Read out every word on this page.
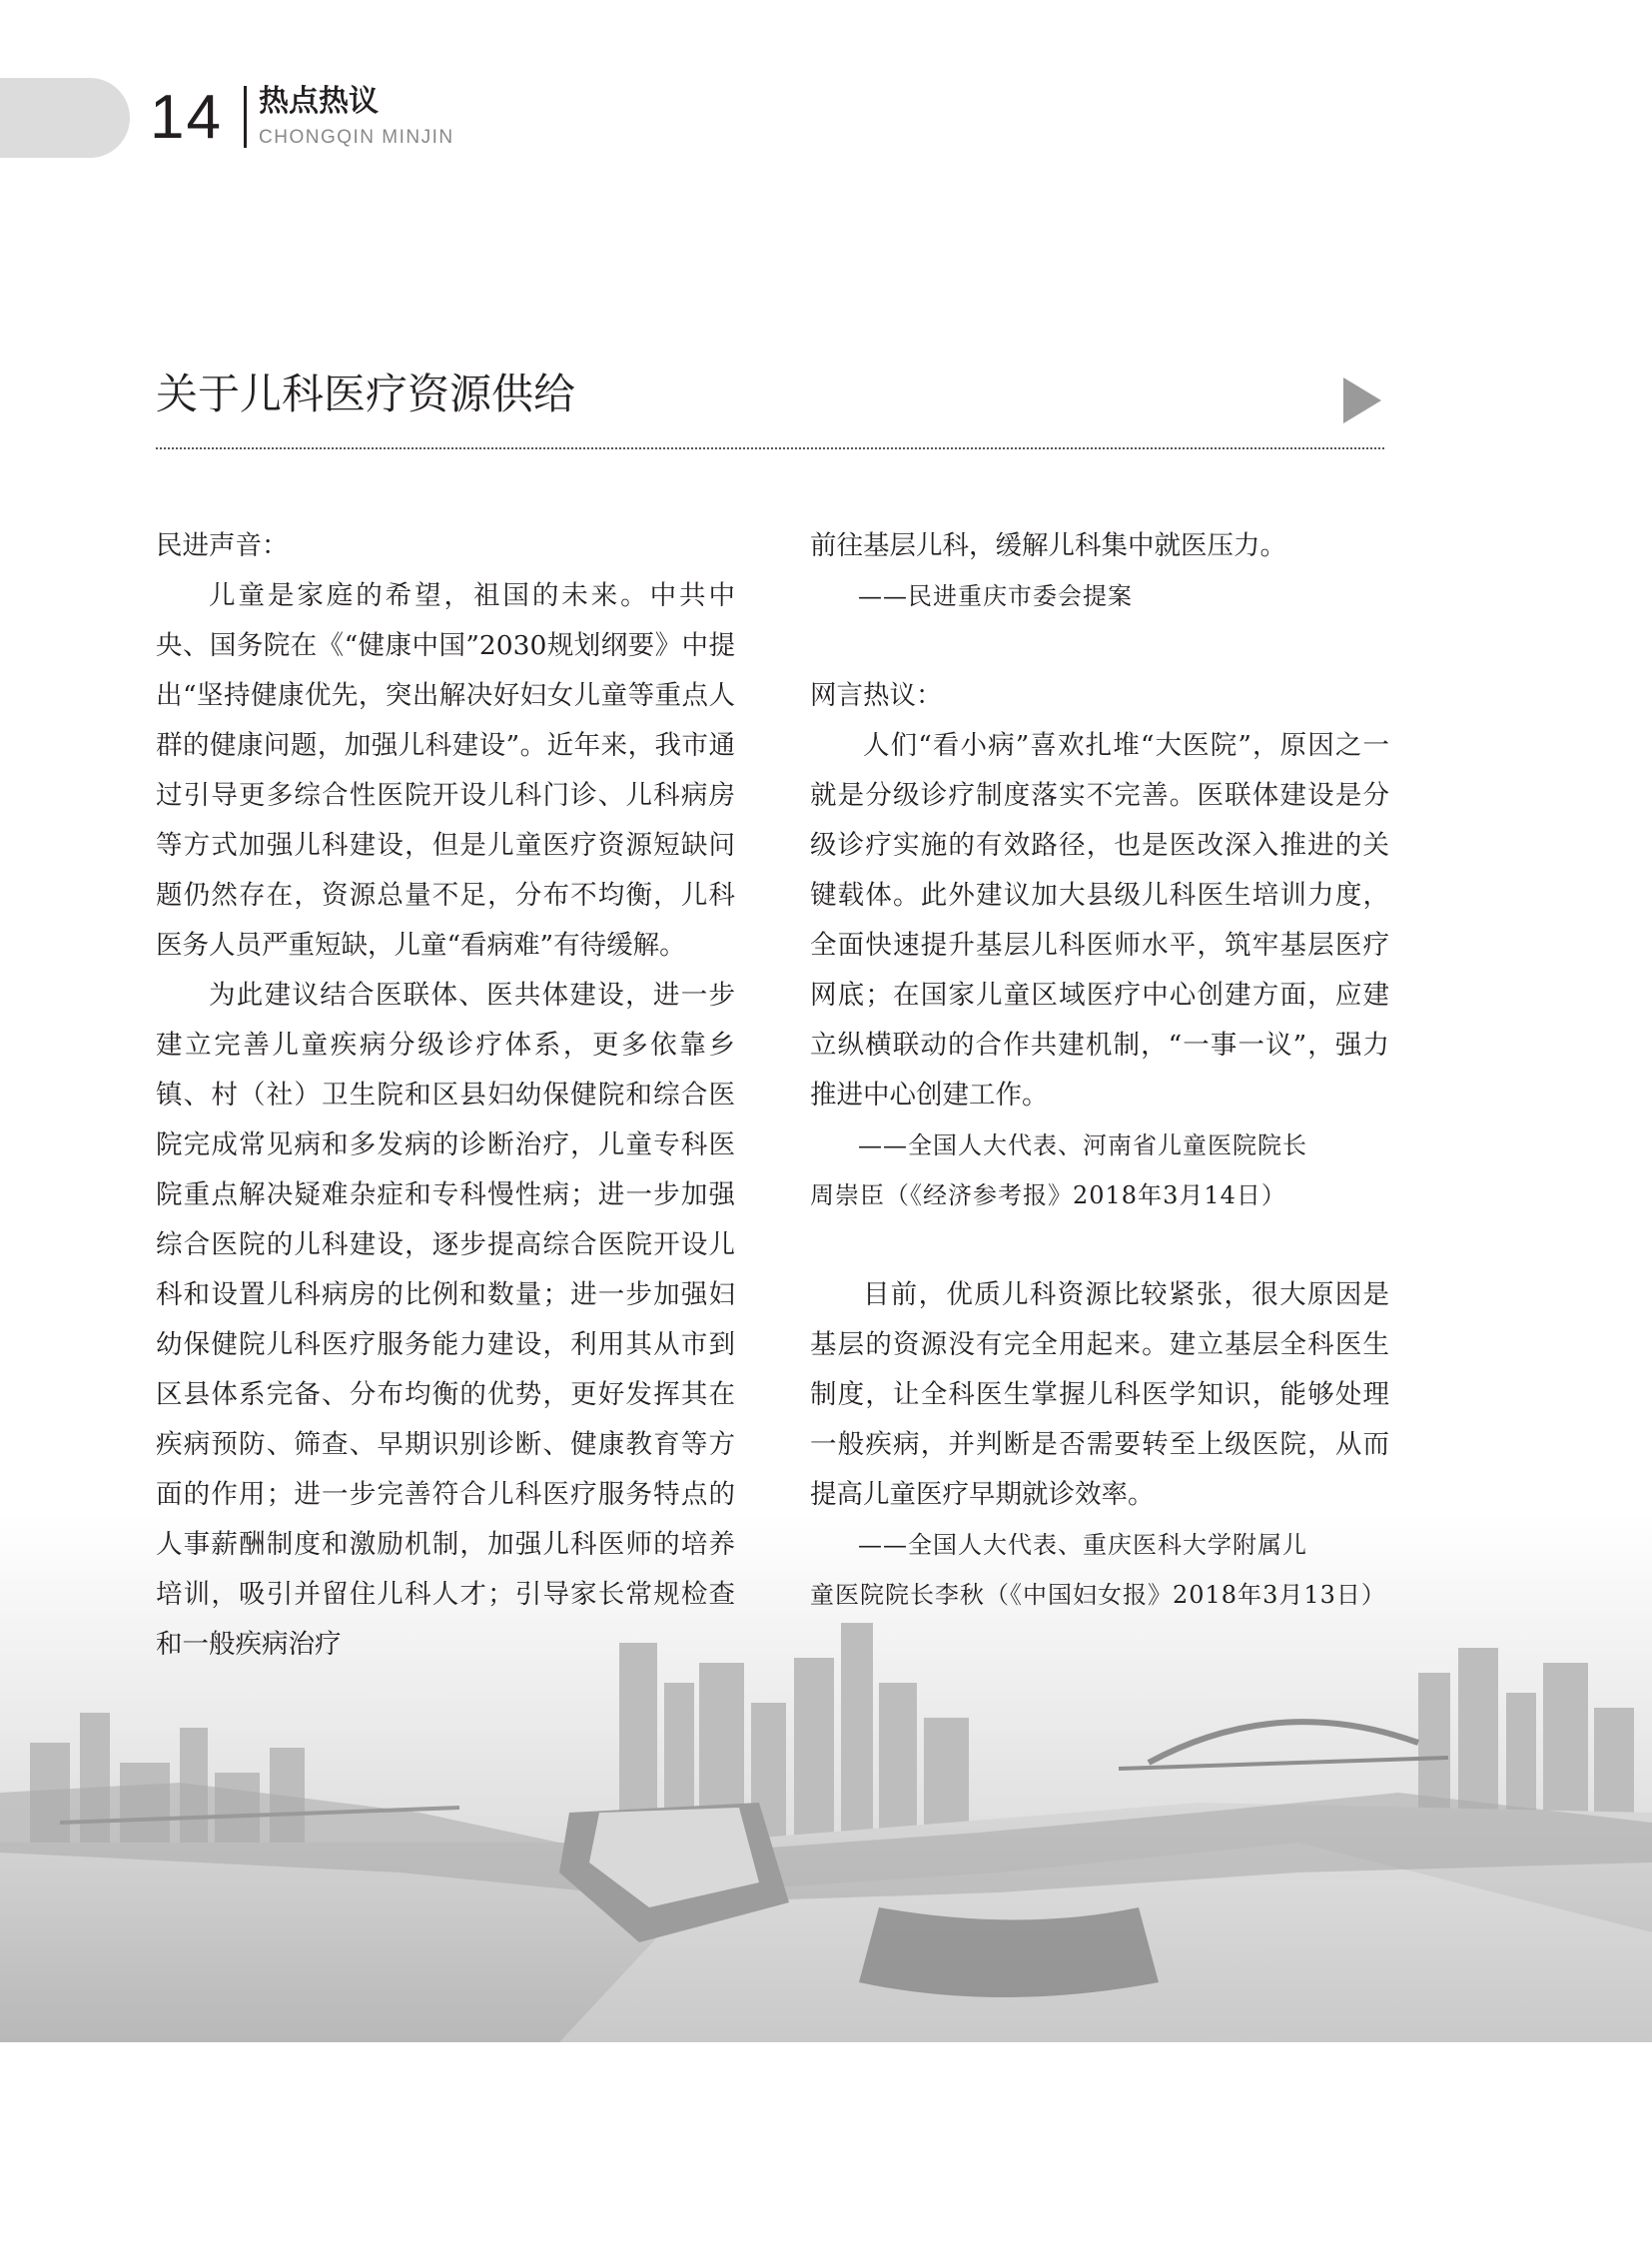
14 热点热议
CHONGQIN MINJIN
关于儿科医疗资源供给

民进声音：

儿童是家庭的希望，祖国的未来。中共中央、国务院在《“健康中国”2030规划纲要》中提出“坚持健康优先，突出解决好妇女儿童等重点人群的健康问题，加强儿科建设”。近年来，我市通过引导更多综合性医院开设儿科门诊、儿科病房等方式加强儿科建设，但是儿童医疗资源短缺问题仍然存在，资源总量不足，分布不均衡，儿科医务人员严重短缺，儿童“看病难”有待缓解。

为此建议结合医联体、医共体建设，进一步建立完善儿童疾病分级诊疗体系，更多依靠乡镇、村（社）卫生院和区县妇幼保健院和综合医院完成常见病和多发病的诊断治疗，儿童专科医院重点解决疑难杂症和专科慢性病；进一步加强综合医院的儿科建设，逐步提高综合医院开设儿科和设置儿科病房的比例和数量；进一步加强妇幼保健院儿科医疗服务能力建设，利用其从市到区县体系完备、分布均衡的优势，更好发挥其在疾病预防、筛查、早期识别诊断、健康教育等方面的作用；进一步完善符合儿科医疗服务特点的人事薪酬制度和激励机制，加强儿科医师的培养培训，吸引并留住儿科人才；引导家长常规检查和一般疾病治疗

前往基层儿科，缓解儿科集中就医压力。

——民进重庆市委会提案

网言热议：

人们“看小病”喜欢扎堆“大医院”，原因之一就是分级诊疗制度落实不完善。医联体建设是分级诊疗实施的有效路径，也是医改深入推进的关键载体。此外建议加大县级儿科医生培训力度，全面快速提升基层儿科医师水平，筑牢基层医疗网底；在国家儿童区域医疗中心创建方面，应建立纵横联动的合作共建机制，“一事一议”，强力推进中心创建工作。

——全国人大代表、河南省儿童医院院长

周崇臣（《经济参考报》2018年3月14日）

目前，优质儿科资源比较紧张，很大原因是基层的资源没有完全用起来。建立基层全科医生制度，让全科医生掌握儿科医学知识，能够处理一般疾病，并判断是否需要转至上级医院，从而提高儿童医疗早期就诊效率。

——全国人大代表、重庆医科大学附属儿

童医院院长李秋（《中国妇女报》2018年3月13日）
